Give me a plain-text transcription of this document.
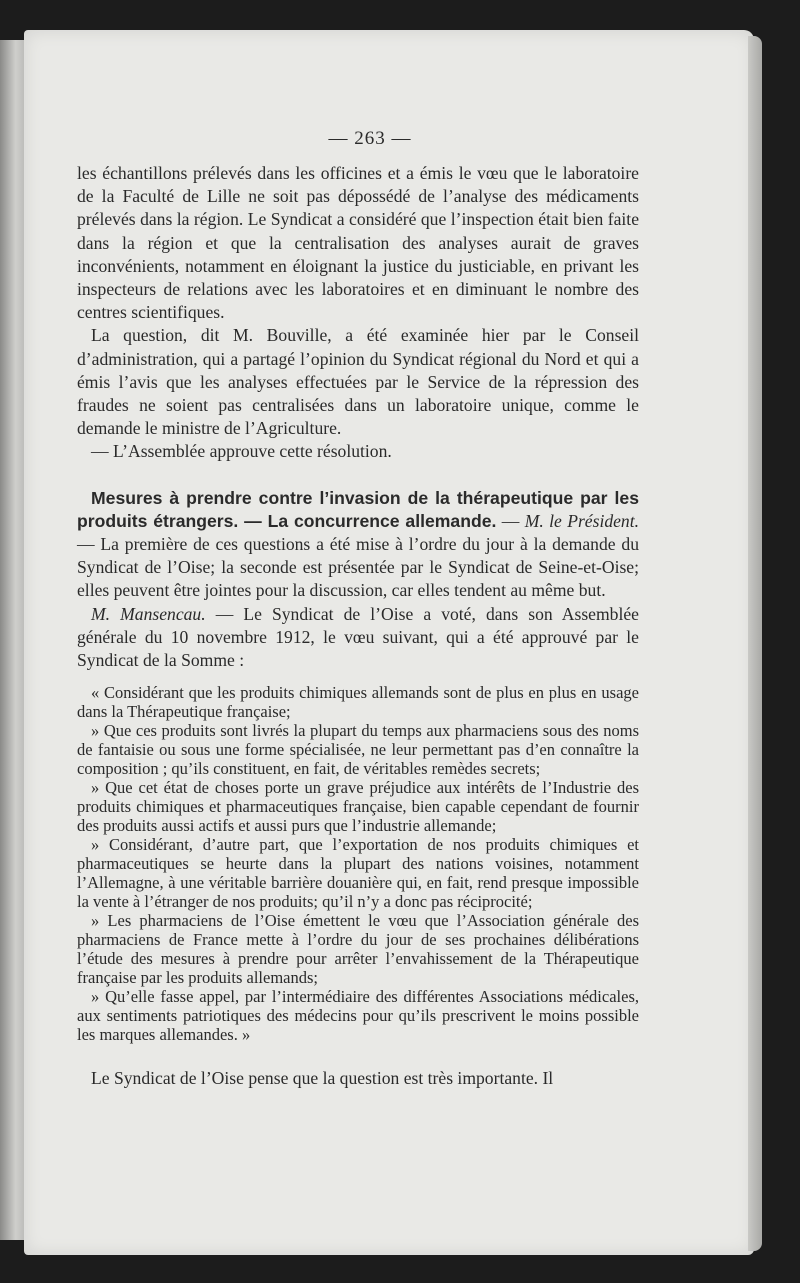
— 263 —

les échantillons prélevés dans les officines et a émis le vœu que le laboratoire de la Faculté de Lille ne soit pas dépossédé de l’analyse des médicaments prélevés dans la région. Le Syndicat a considéré que l’inspection était bien faite dans la région et que la centralisation des analyses aurait de graves inconvénients, notamment en éloignant la justice du justiciable, en privant les inspecteurs de relations avec les laboratoires et en diminuant le nombre des centres scientifiques.

La question, dit M. Bouville, a été examinée hier par le Conseil d’administration, qui a partagé l’opinion du Syndicat régional du Nord et qui a émis l’avis que les analyses effectuées par le Service de la répression des fraudes ne soient pas centralisées dans un laboratoire unique, comme le demande le ministre de l’Agriculture.

— L’Assemblée approuve cette résolution.

Mesures à prendre contre l’invasion de la thérapeutique par les produits étrangers. — La concurrence allemande. — M. le Président. — La première de ces questions a été mise à l’ordre du jour à la demande du Syndicat de l’Oise; la seconde est présentée par le Syndicat de Seine-et-Oise; elles peuvent être jointes pour la discussion, car elles tendent au même but.

M. Mansencau. — Le Syndicat de l’Oise a voté, dans son Assemblée générale du 10 novembre 1912, le vœu suivant, qui a été approuvé par le Syndicat de la Somme :

« Considérant que les produits chimiques allemands sont de plus en plus en usage dans la Thérapeutique française;

» Que ces produits sont livrés la plupart du temps aux pharmaciens sous des noms de fantaisie ou sous une forme spécialisée, ne leur permettant pas d’en connaître la composition ; qu’ils constituent, en fait, de véritables remèdes secrets;

» Que cet état de choses porte un grave préjudice aux intérêts de l’Industrie des produits chimiques et pharmaceutiques française, bien capable cependant de fournir des produits aussi actifs et aussi purs que l’industrie allemande;

» Considérant, d’autre part, que l’exportation de nos produits chimiques et pharmaceutiques se heurte dans la plupart des nations voisines, notamment l’Allemagne, à une véritable barrière douanière qui, en fait, rend presque impossible la vente à l’étranger de nos produits; qu’il n’y a donc pas réciprocité;

» Les pharmaciens de l’Oise émettent le vœu que l’Association générale des pharmaciens de France mette à l’ordre du jour de ses prochaines délibérations l’étude des mesures à prendre pour arrêter l’envahissement de la Thérapeutique française par les produits allemands;

» Qu’elle fasse appel, par l’intermédiaire des différentes Associations médicales, aux sentiments patriotiques des médecins pour qu’ils prescrivent le moins possible les marques allemandes. »

Le Syndicat de l’Oise pense que la question est très importante. Il
